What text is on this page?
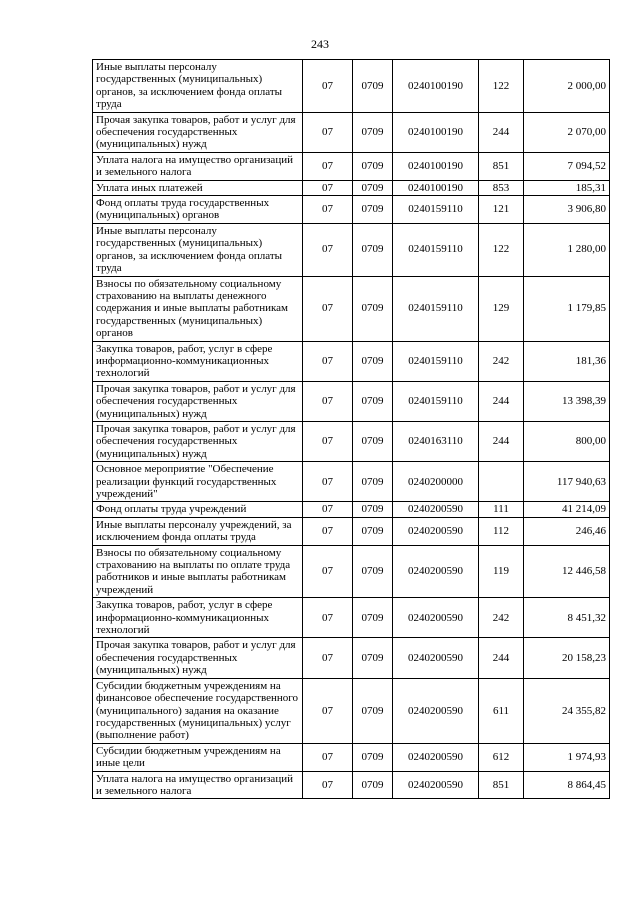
243
Иные выплаты персоналу государственных (муниципальных) органов, за исключением фонда оплаты труда	07	0709	0240100190	122	2 000,00
Прочая закупка товаров, работ и услуг для обеспечения государственных (муниципальных) нужд	07	0709	0240100190	244	2 070,00
Уплата налога на имущество организаций и земельного налога	07	0709	0240100190	851	7 094,52
Уплата иных платежей	07	0709	0240100190	853	185,31
Фонд оплаты труда государственных (муниципальных) органов	07	0709	0240159110	121	3 906,80
Иные выплаты персоналу государственных (муниципальных) органов, за исключением фонда оплаты труда	07	0709	0240159110	122	1 280,00
Взносы по обязательному социальному страхованию на выплаты денежного содержания и иные выплаты работникам государственных (муниципальных) органов	07	0709	0240159110	129	1 179,85
Закупка товаров, работ, услуг в сфере информационно-коммуникационных технологий	07	0709	0240159110	242	181,36
Прочая закупка товаров, работ и услуг для обеспечения государственных (муниципальных) нужд	07	0709	0240159110	244	13 398,39
Прочая закупка товаров, работ и услуг для обеспечения государственных (муниципальных) нужд	07	0709	0240163110	244	800,00
Основное мероприятие "Обеспечение реализации функций государственных учреждений"	07	0709	0240200000		117 940,63
Фонд оплаты труда учреждений	07	0709	0240200590	111	41 214,09
Иные выплаты персоналу учреждений, за исключением фонда оплаты труда	07	0709	0240200590	112	246,46
Взносы по обязательному социальному страхованию на выплаты по оплате труда работников и иные выплаты работникам учреждений	07	0709	0240200590	119	12 446,58
Закупка товаров, работ, услуг в сфере информационно-коммуникационных технологий	07	0709	0240200590	242	8 451,32
Прочая закупка товаров, работ и услуг для обеспечения государственных (муниципальных) нужд	07	0709	0240200590	244	20 158,23
Субсидии бюджетным учреждениям на финансовое обеспечение государственного (муниципального) задания на оказание государственных (муниципальных) услуг (выполнение работ)	07	0709	0240200590	611	24 355,82
Субсидии бюджетным учреждениям на иные цели	07	0709	0240200590	612	1 974,93
Уплата налога на имущество организаций и земельного налога	07	0709	0240200590	851	8 864,45
